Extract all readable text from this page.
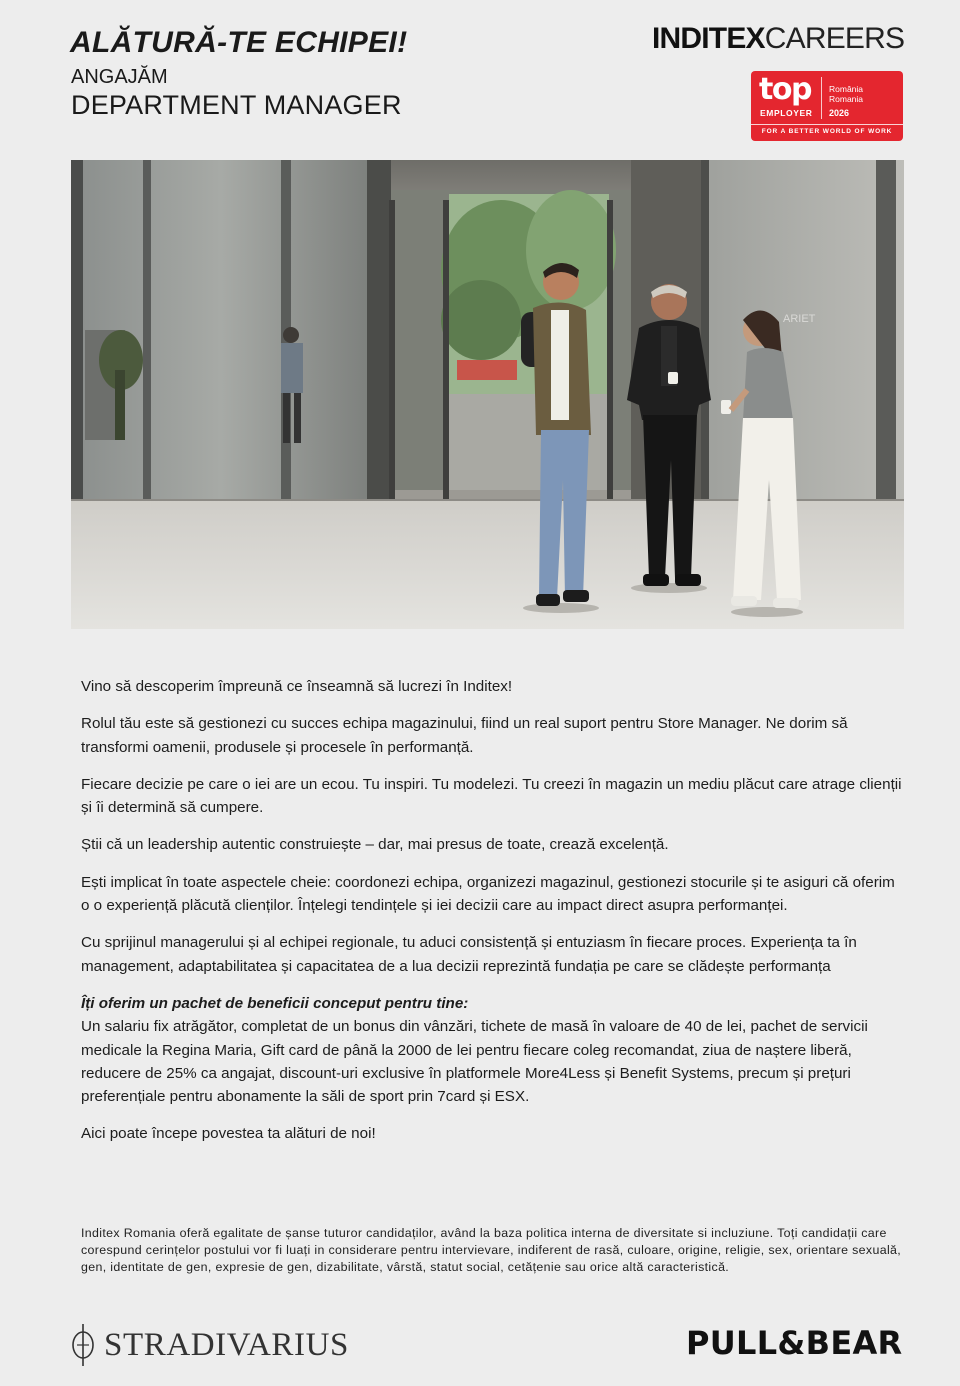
ALĂTURĂ-TE ECHIPEI!
ANGAJĂM
DEPARTMENT MANAGER
INDITEXCAREERS
top
EMPLOYER
România
Romania
2026
FOR A BETTER WORLD OF WORK
ARIET

Vino să descoperim împreună ce înseamnă să lucrezi în Inditex!

Rolul tău este să gestionezi cu succes echipa magazinului, fiind un real suport pentru Store Manager. Ne dorim să transformi oamenii, produsele și procesele în performanță.

Fiecare decizie pe care o iei are un ecou. Tu inspiri. Tu modelezi. Tu creezi în magazin un mediu plăcut care atrage clienții și îi determină să cumpere.

Știi că un leadership autentic construiește – dar, mai presus de toate, crează excelență.

Ești implicat în toate aspectele cheie: coordonezi echipa, organizezi magazinul, gestionezi stocurile și te asiguri că oferim o o experiență plăcută clienților. Înțelegi tendințele și iei decizii care au impact direct asupra performanței.

Cu sprijinul managerului și al echipei regionale, tu aduci consistență și entuziasm în fiecare proces. Experiența ta în management, adaptabilitatea și capacitatea de a lua decizii reprezintă fundația pe care se clădește performanța

Îți oferim un pachet de beneficii conceput pentru tine:
Un salariu fix atrăgător, completat de un bonus din vânzări, tichete de masă în valoare de 40 de lei, pachet de servicii medicale la Regina Maria, Gift card de până la 2000 de lei pentru fiecare coleg recomandat, ziua de naștere liberă, reducere de 25% ca angajat, discount-uri exclusive în platformele More4Less și Benefit Systems, precum și prețuri preferențiale pentru abonamente la săli de sport prin 7card și ESX.

Aici poate începe povestea ta alături de noi!

Inditex Romania oferă egalitate de șanse tuturor candidaților, având la baza politica interna de diversitate si incluziune. Toți candidații care corespund cerințelor postului vor fi luați in considerare pentru intervievare, indiferent de rasă, culoare, origine, religie, sex, orientare sexuală, gen, identitate de gen, expresie de gen, dizabilitate, vârstă, statut social, cetățenie sau orice altă caracteristică.
STRADIVARIUS	PULL&BEAR
